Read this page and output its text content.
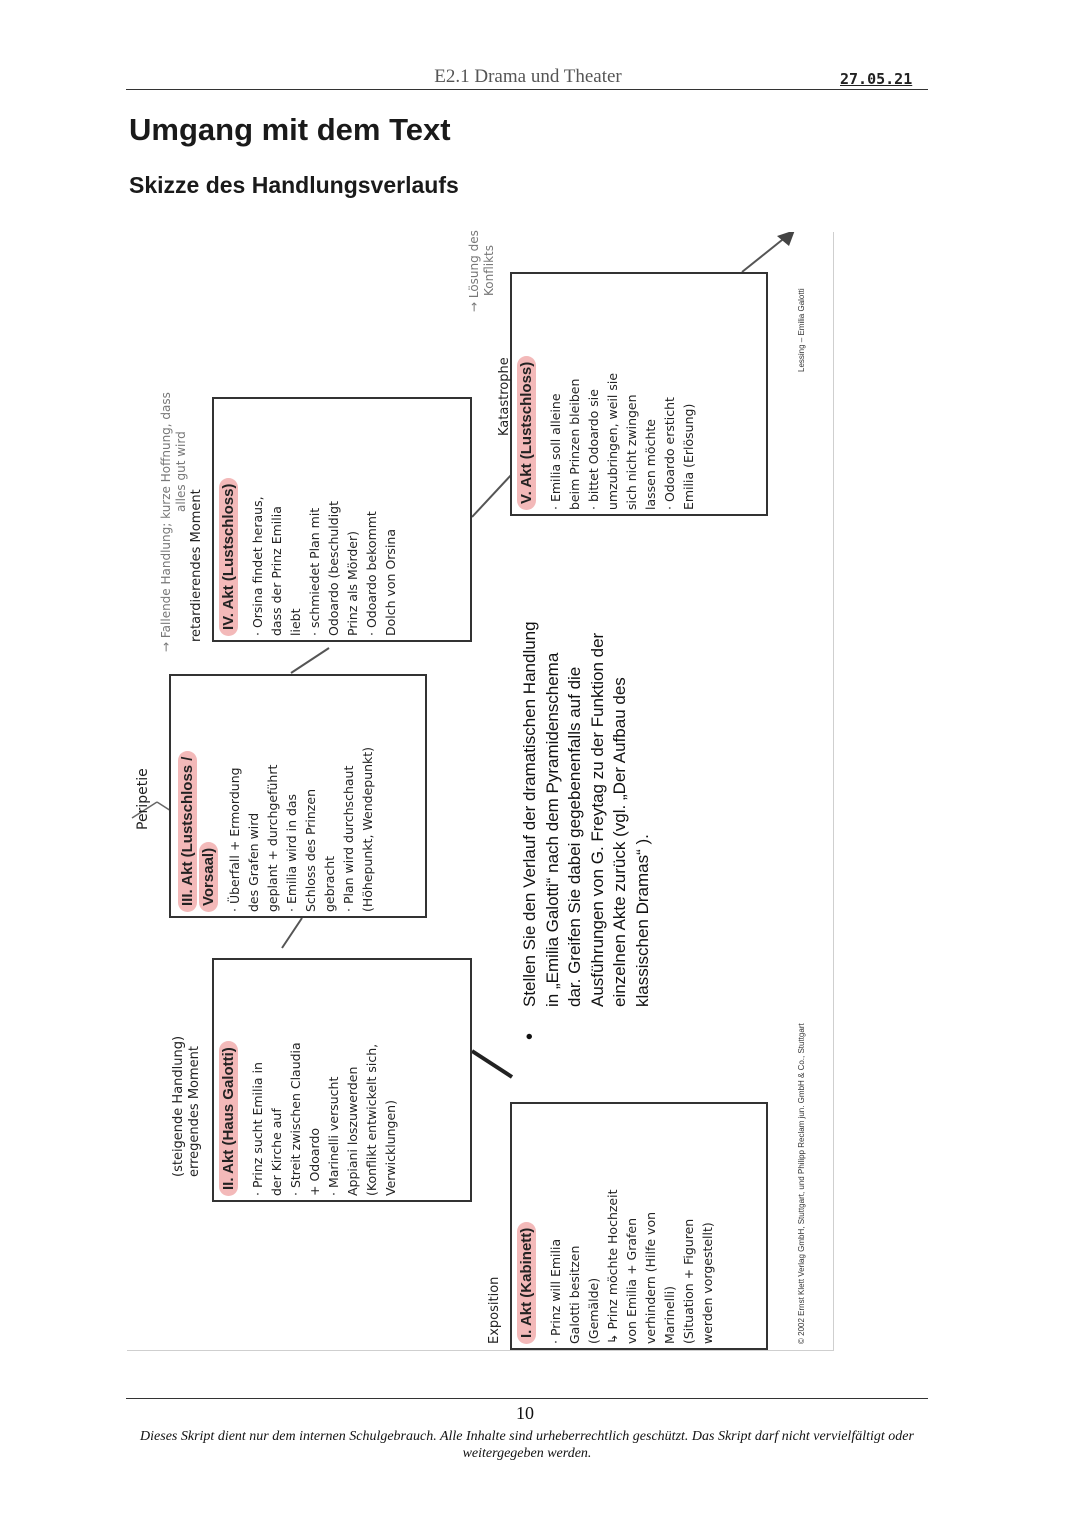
E2.1 Drama und Theater	27.05.21
Umgang mit dem Text
Skizze des Handlungsverlaufs
I. Akt (Kabinett) · Prinz will Emilia Galotti besitzen (Gemälde) ↳ Prinz möchte Hochzeit von Emilia + Grafen verhindern (Hilfe von Marinelli) (Situation + Figuren werden vorgestellt)
Exposition
II. Akt (Haus Galotti) · Prinz sucht Emilia in der Kirche auf · Streit zwischen Claudia + Odoardo · Marinelli versucht Appiani loszuwerden (Konflikt entwickelt sich, Verwicklungen)
(steigende Handlung) erregendes Moment
III. Akt (Lustschloss / Vorsaal) · Überfall + Ermordung des Grafen wird geplant + durchgeführt · Emilia wird in das Schloss des Prinzen gebracht · Plan wird durchschaut (Höhepunkt, Wendepunkt)
Peripetie
IV. Akt (Lustschloss) · Orsina findet heraus, dass der Prinz Emilia liebt · schmiedet Plan mit Odoardo (beschuldigt Prinz als Mörder) · Odoardo bekommt Dolch von Orsina
→ Fallende Handlung; kurze Hoffnung, dass alles gut wird
retardierendes Moment
V. Akt (Lustschloss) · Emilia soll alleine beim Prinzen bleiben · bittet Odoardo sie umzubringen, weil sie sich nicht zwingen lassen möchte · Odoardo ersticht Emilia (Erlösung)
→ Lösung des Konflikts
Katastrophe
Stellen Sie den Verlauf der dramatischen Handlung in „Emilia Galotti“ nach dem Pyramidenschema dar. Greifen Sie dabei gegebenenfalls auf die Ausführungen von G. Freytag zu der Funktion der einzelnen Akte zurück (vgl. „Der Aufbau des klassischen Dramas“ ).
•	© 2002 Ernst Klett Verlag GmbH, Stuttgart, und Philipp Reclam jun. GmbH & Co., Stuttgart
Lessing – Emilia Galotti
10
Dieses Skript dient nur dem internen Schulgebrauch. Alle Inhalte sind urheberrechtlich geschützt. Das Skript darf nicht vervielfältigt oder weitergegeben werden.
